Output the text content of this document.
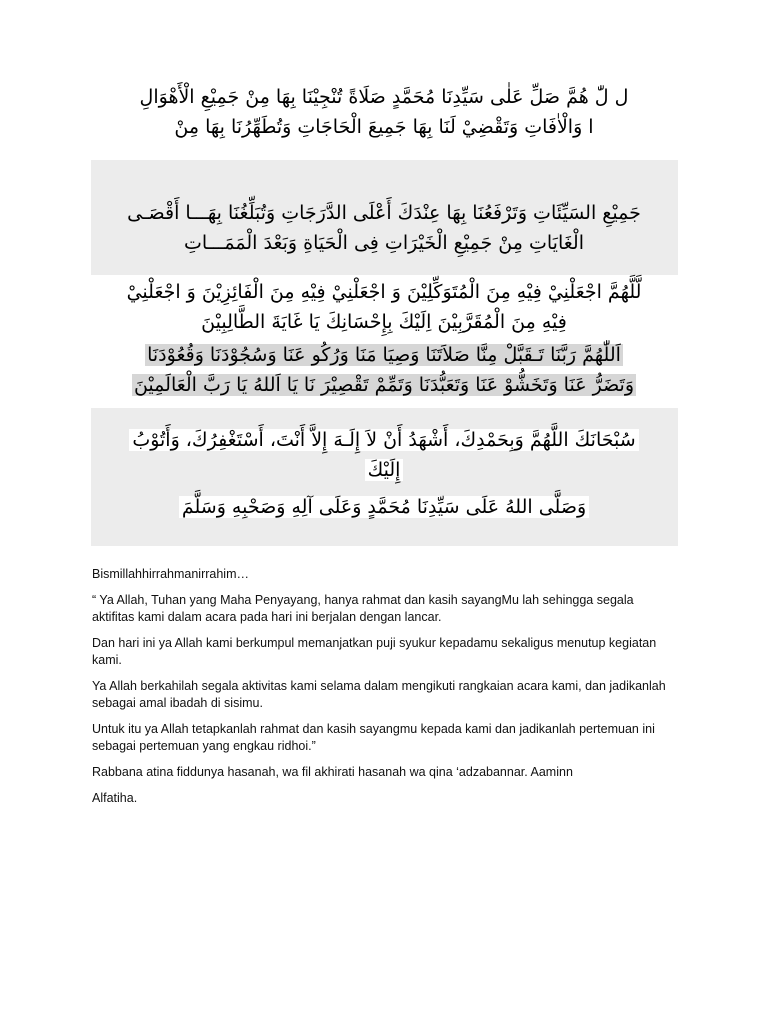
ل لّٰ هُمَّ صَلِّ عَلٰى سَيِّدِنَا مُحَمَّدٍ صَلَاةً تُنْجِيْنَا بِهَا مِنْ جَمِيْعِ الْأَهْوَالِ
ا وَالْاٰفَاتِ وَتَقْضِيْ لَنَا بِهَا جَمِيعَ الْحَاجَاتِ وَتُطَهِّرُنَا بِهَا مِنْ
جَمِيْعِ السَيِّئَاتِ وَتَرْفَعُنَا بِهَا عِنْدَكَ أَعْلَى الدَّرَجَاتِ وَتُبَلِّغُنَا بِهَـــا أَقْصَـى
الْغَايَاتِ مِنْ جَمِيْعِ الْخَيْرَاتِ فِى الْحَيَاةِ وَبَعْدَ الْمَمَـــاتِ
لَّلَّهُمَّ اجْعَلْنِيْ فِيْهِ مِنَ الْمُتَوَكِّلِيْنَ وَ اجْعَلْنِيْ فِيْهِ مِنَ الْفَائِزِيْنَ وَ اجْعَلْنِيْ
فِيْهِ مِنَ الْمُقَرَّبِيْنَ اِلَيْكَ بِإِحْسَانِكَ يَا غَايَةَ الطَّالِبِيْنَ
اَللّٰهُمَّ رَبَّنَا تَـقَبَّلْ مِنَّا صَلاَتَنَا وَصِيَا مَنَا وَرُكُو عَنَا وَسُجُوْدَنَا وَقُعُوْدَنَا
وَتَضَرُّ عَنَا وَتَخَشُّوْ عَنَا وَتَعَبُّدَنَا وَتَمِّمْ تَقْصِيْرَ نَا يَا اَللهُ يَا رَبَّ الْعَالَمِيْنَ
سُبْحَانَكَ اللَّهُمَّ وَبِحَمْدِكَ، أَشْهَدُ أَنْ لاَ إِلَـهَ إِلاَّ أَنْتَ، أَسْتَغْفِرُكَ، وَأَتُوْبُ
إِلَيْكَ
وَصَلَّى اللهُ عَلَى سَيِّدِنَا مُحَمَّدٍ وَعَلَى آلِهِ وَصَحْبِهِ وَسَلَّمَ

Bismillahhirrahmanirrahim…

“ Ya Allah, Tuhan yang Maha Penyayang, hanya rahmat dan kasih sayangMu lah sehingga segala aktifitas kami dalam acara pada hari ini berjalan dengan lancar.

Dan hari ini ya Allah kami berkumpul memanjatkan puji syukur kepadamu sekaligus menutup kegiatan kami.

Ya Allah berkahilah segala aktivitas kami selama dalam mengikuti rangkaian acara kami, dan jadikanlah sebagai amal ibadah di sisimu.

Untuk itu ya Allah tetapkanlah rahmat dan kasih sayangmu kepada kami dan jadikanlah pertemuan ini sebagai pertemuan yang engkau ridhoi.”

Rabbana atina fiddunya hasanah, wa fil akhirati hasanah wa qina ‘adzabannar. Aaminn

Alfatiha.
